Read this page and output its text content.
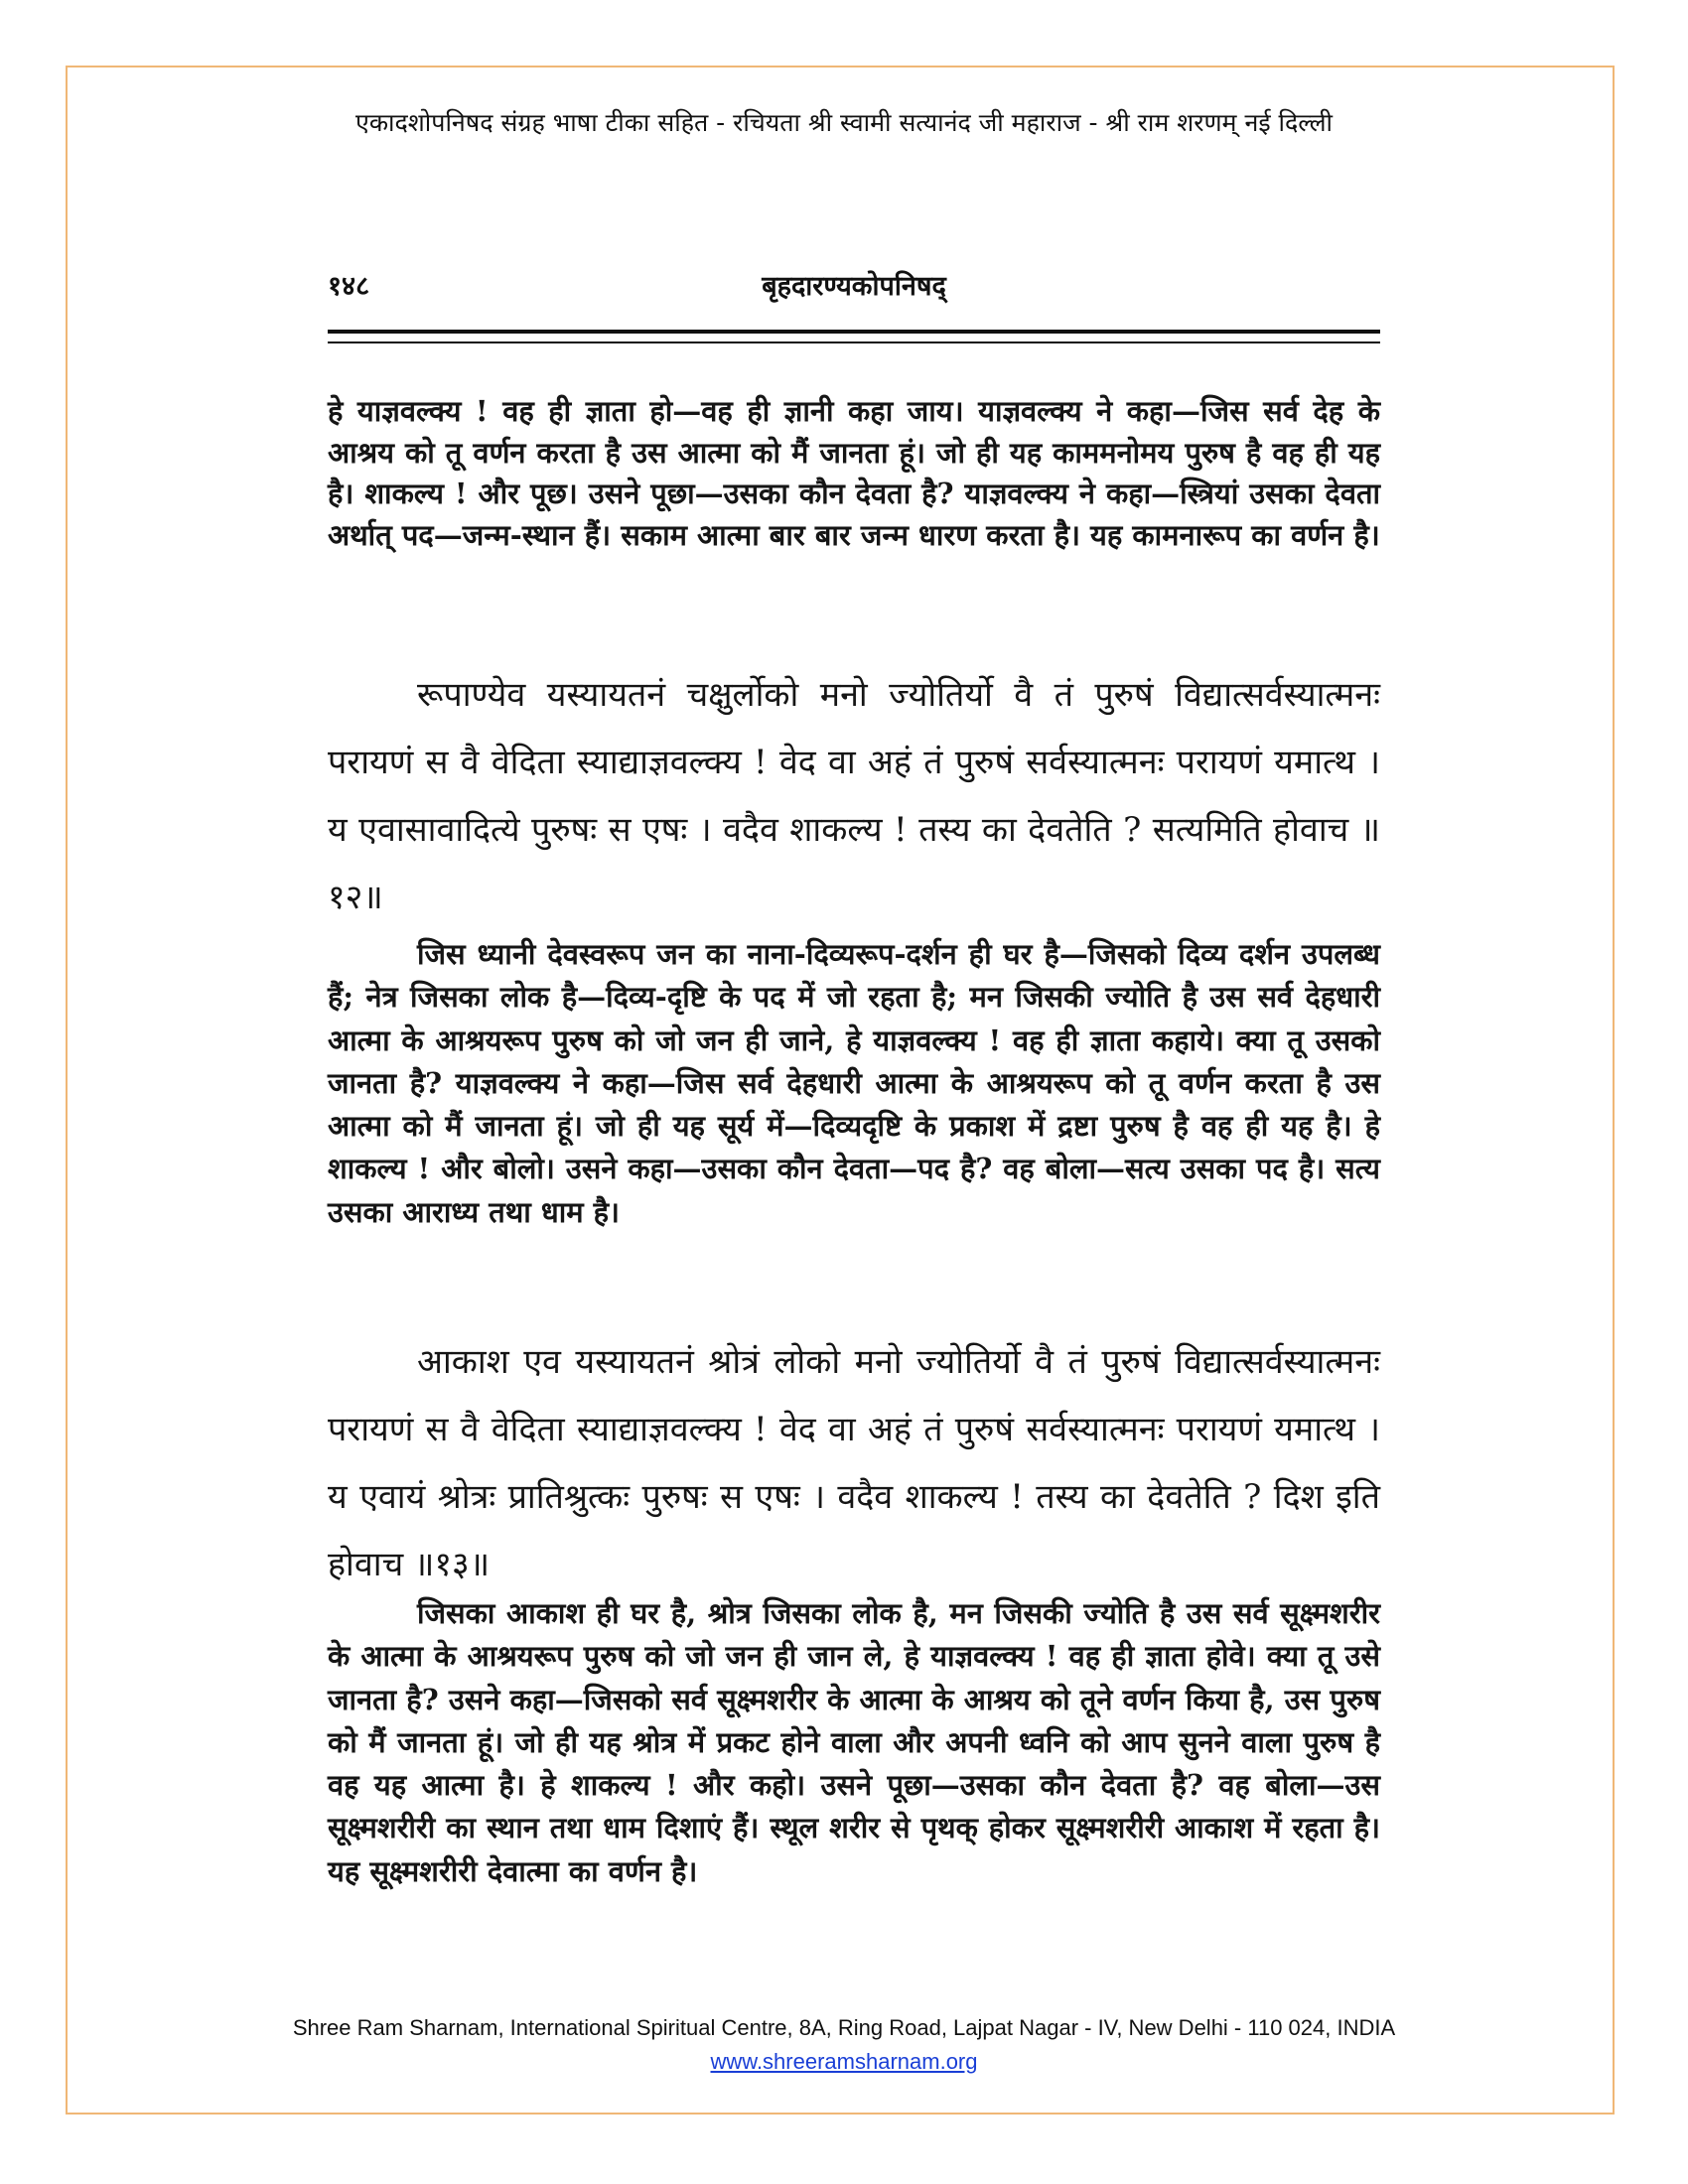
एकादशोपनिषद संग्रह भाषा टीका सहित - रचियता श्री स्वामी सत्यानंद जी महाराज - श्री राम शरणम् नई दिल्ली
१४८	बृहदारण्यकोपनिषद्

हे याज्ञवल्क्य ! वह ही ज्ञाता हो—वह ही ज्ञानी कहा जाय। याज्ञवल्क्य ने कहा—जिस सर्व देह के आश्रय को तू वर्णन करता है उस आत्मा को मैं जानता हूं। जो ही यह काममनोमय पुरुष है वह ही यह है। शाकल्य ! और पूछ। उसने पूछा—उसका कौन देवता है? याज्ञवल्क्य ने कहा—स्त्रियां उसका देवता अर्थात् पद—जन्म-स्थान हैं। सकाम आत्मा बार बार जन्म धारण करता है। यह कामनारूप का वर्णन है।

रूपाण्येव यस्यायतनं चक्षुर्लोको मनो ज्योतिर्यो वै तं पुरुषं विद्यात्सर्वस्यात्मनः परायणं स वै वेदिता स्याद्याज्ञवल्क्य ! वेद वा अहं तं पुरुषं सर्वस्यात्मनः परायणं यमात्थ । य एवासावादित्ये पुरुषः स एषः । वदैव शाकल्य ! तस्य का देवतेति ? सत्यमिति होवाच ॥१२॥

जिस ध्यानी देवस्वरूप जन का नाना-दिव्यरूप-दर्शन ही घर है—जिसको दिव्य दर्शन उपलब्ध हैं; नेत्र जिसका लोक है—दिव्य-दृष्टि के पद में जो रहता है; मन जिसकी ज्योति है उस सर्व देहधारी आत्मा के आश्रयरूप पुरुष को जो जन ही जाने, हे याज्ञवल्क्य ! वह ही ज्ञाता कहाये। क्या तू उसको जानता है? याज्ञवल्क्य ने कहा—जिस सर्व देहधारी आत्मा के आश्रयरूप को तू वर्णन करता है उस आत्मा को मैं जानता हूं। जो ही यह सूर्य में—दिव्यदृष्टि के प्रकाश में द्रष्टा पुरुष है वह ही यह है। हे शाकल्य ! और बोलो। उसने कहा—उसका कौन देवता—पद है? वह बोला—सत्य उसका पद है। सत्य उसका आराध्य तथा धाम है।

आकाश एव यस्यायतनं श्रोत्रं लोको मनो ज्योतिर्यो वै तं पुरुषं विद्यात्सर्वस्यात्मनः परायणं स वै वेदिता स्याद्याज्ञवल्क्य ! वेद वा अहं तं पुरुषं सर्वस्यात्मनः परायणं यमात्थ । य एवायं श्रोत्रः प्रातिश्रुत्कः पुरुषः स एषः । वदैव शाकल्य ! तस्य का देवतेति ? दिश इति होवाच ॥१३॥

जिसका आकाश ही घर है, श्रोत्र जिसका लोक है, मन जिसकी ज्योति है उस सर्व सूक्ष्मशरीर के आत्मा के आश्रयरूप पुरुष को जो जन ही जान ले, हे याज्ञवल्क्य ! वह ही ज्ञाता होवे। क्या तू उसे जानता है? उसने कहा—जिसको सर्व सूक्ष्मशरीर के आत्मा के आश्रय को तूने वर्णन किया है, उस पुरुष को मैं जानता हूं। जो ही यह श्रोत्र में प्रकट होने वाला और अपनी ध्वनि को आप सुनने वाला पुरुष है वह यह आत्मा है। हे शाकल्य ! और कहो। उसने पूछा—उसका कौन देवता है? वह बोला—उस सूक्ष्मशरीरी का स्थान तथा धाम दिशाएं हैं। स्थूल शरीर से पृथक् होकर सूक्ष्मशरीरी आकाश में रहता है। यह सूक्ष्मशरीरी देवात्मा का वर्णन है।

Shree Ram Sharnam, International Spiritual Centre, 8A, Ring Road, Lajpat Nagar - IV, New Delhi - 110 024, INDIA
www.shreeramsharnam.org
